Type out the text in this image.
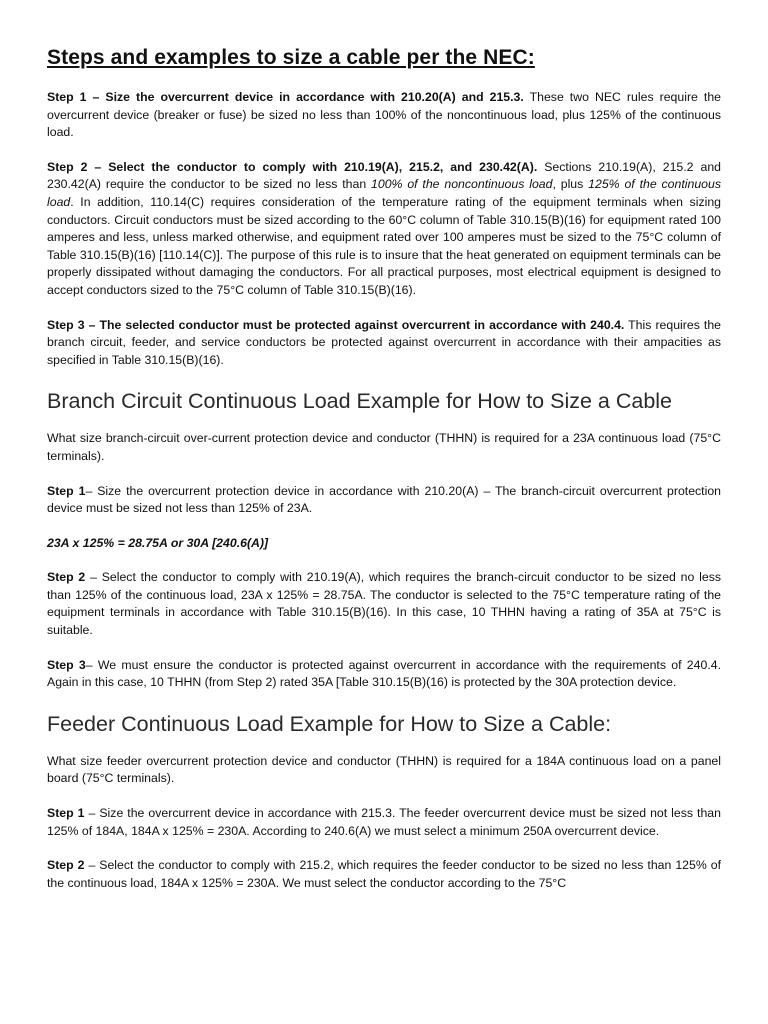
Steps and examples to size a cable per the NEC:

Step 1 – Size the overcurrent device in accordance with 210.20(A) and 215.3. These two NEC rules require the overcurrent device (breaker or fuse) be sized no less than 100% of the noncontinuous load, plus 125% of the continuous load.

Step 2 – Select the conductor to comply with 210.19(A), 215.2, and 230.42(A). Sections 210.19(A), 215.2 and 230.42(A) require the conductor to be sized no less than 100% of the noncontinuous load, plus 125% of the continuous load. In addition, 110.14(C) requires consideration of the temperature rating of the equipment terminals when sizing conductors. Circuit conductors must be sized according to the 60°C column of Table 310.15(B)(16) for equipment rated 100 amperes and less, unless marked otherwise, and equipment rated over 100 amperes must be sized to the 75°C column of Table 310.15(B)(16) [110.14(C)]. The purpose of this rule is to insure that the heat generated on equipment terminals can be properly dissipated without damaging the conductors. For all practical purposes, most electrical equipment is designed to accept conductors sized to the 75°C column of Table 310.15(B)(16).

Step 3 – The selected conductor must be protected against overcurrent in accordance with 240.4. This requires the branch circuit, feeder, and service conductors be protected against overcurrent in accordance with their ampacities as specified in Table 310.15(B)(16).

Branch Circuit Continuous Load Example for How to Size a Cable

What size branch-circuit over-current protection device and conductor (THHN) is required for a 23A continuous load (75°C terminals).

Step 1– Size the overcurrent protection device in accordance with 210.20(A) – The branch-circuit overcurrent protection device must be sized not less than 125% of 23A.

23A x 125% = 28.75A or 30A [240.6(A)]

Step 2 – Select the conductor to comply with 210.19(A), which requires the branch-circuit conductor to be sized no less than 125% of the continuous load, 23A x 125% = 28.75A. The conductor is selected to the 75°C temperature rating of the equipment terminals in accordance with Table 310.15(B)(16). In this case, 10 THHN having a rating of 35A at 75°C is suitable.

Step 3– We must ensure the conductor is protected against overcurrent in accordance with the requirements of 240.4. Again in this case, 10 THHN (from Step 2) rated 35A [Table 310.15(B)(16) is protected by the 30A protection device.

Feeder Continuous Load Example for How to Size a Cable:

What size feeder overcurrent protection device and conductor (THHN) is required for a 184A continuous load on a panel board (75°C terminals).

Step 1 – Size the overcurrent device in accordance with 215.3. The feeder overcurrent device must be sized not less than 125% of 184A, 184A x 125% = 230A. According to 240.6(A) we must select a minimum 250A overcurrent device.

Step 2 – Select the conductor to comply with 215.2, which requires the feeder conductor to be sized no less than 125% of the continuous load, 184A x 125% = 230A. We must select the conductor according to the 75°C
